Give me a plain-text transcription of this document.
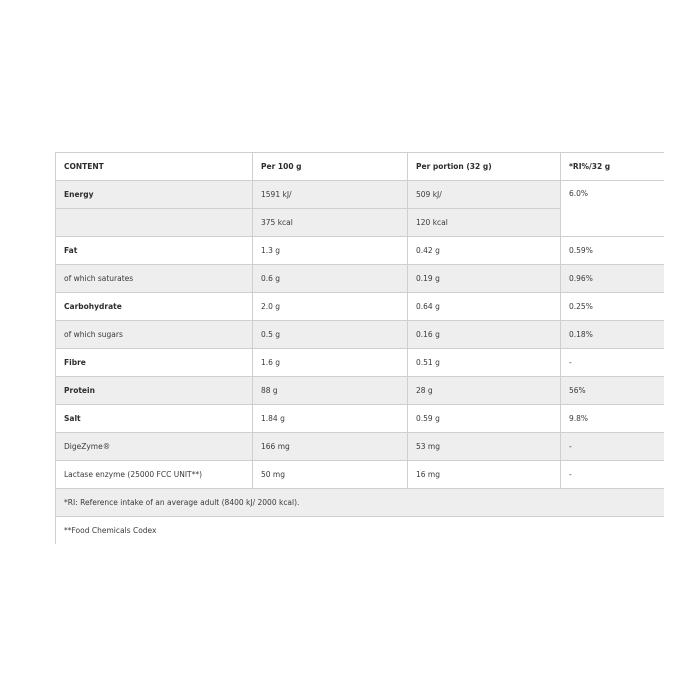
CONTENT	Per 100 g	Per portion (32 g)	*RI%/32 g
Energy	1591 kJ/	509 kJ/	6.0%
	375 kcal	120 kcal	
Fat	1.3 g	0.42 g	0.59%
of which saturates	0.6 g	0.19 g	0.96%
Carbohydrate	2.0 g	0.64 g	0.25%
of which sugars	0.5 g	0.16 g	0.18%
Fibre	1.6 g	0.51 g	-
Protein	88 g	28 g	56%
Salt	1.84 g	0.59 g	9.8%
DigeZyme®	166 mg	53 mg	-
Lactase enzyme (25000 FCC UNIT**)	50 mg	16 mg	-
*RI: Reference intake of an average adult (8400 kJ/ 2000 kcal).			
**Food Chemicals Codex			
